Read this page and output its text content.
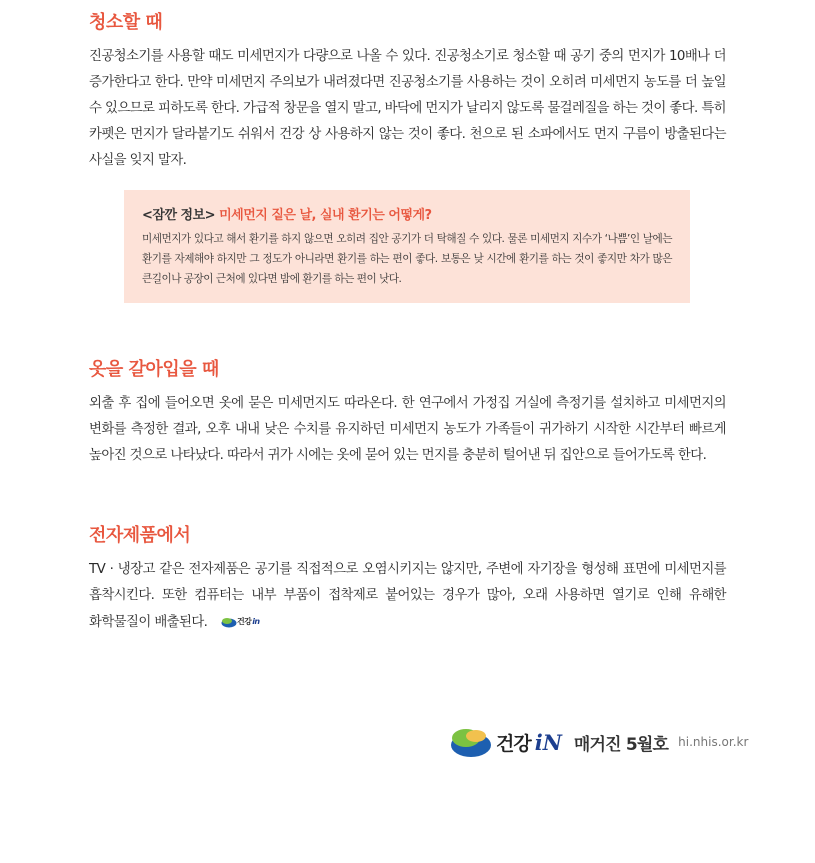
청소할 때

진공청소기를 사용할 때도 미세먼지가 다량으로 나올 수 있다. 진공청소기로 청소할 때 공기 중의 먼지가 10배나 더 증가한다고 한다. 만약 미세먼지 주의보가 내려졌다면 진공청소기를 사용하는 것이 오히려 미세먼지 농도를 더 높일 수 있으므로 피하도록 한다. 가급적 창문을 열지 말고, 바닥에 먼지가 날리지 않도록 물걸레질을 하는 것이 좋다. 특히 카펫은 먼지가 달라붙기도 쉬워서 건강 상 사용하지 않는 것이 좋다. 천으로 된 소파에서도 먼지 구름이 방출된다는 사실을 잊지 말자.

<잠깐 정보> 미세먼지 짙은 날, 실내 환기는 어떻게?

미세먼지가 있다고 해서 환기를 하지 않으면 오히려 집안 공기가 더 탁해질 수 있다. 물론 미세먼지 지수가 ‘나쁨’인 날에는 환기를 자제해야 하지만 그 정도가 아니라면 환기를 하는 편이 좋다. 보통은 낮 시간에 환기를 하는 것이 좋지만 차가 많은 큰길이나 공장이 근처에 있다면 밤에 환기를 하는 편이 낫다.

옷을 갈아입을 때

외출 후 집에 들어오면 옷에 묻은 미세먼지도 따라온다. 한 연구에서 가정집 거실에 측정기를 설치하고 미세먼지의 변화를 측정한 결과, 오후 내내 낮은 수치를 유지하던 미세먼지 농도가 가족들이 귀가하기 시작한 시간부터 빠르게 높아진 것으로 나타났다. 따라서 귀가 시에는 옷에 묻어 있는 먼지를 충분히 털어낸 뒤 집안으로 들어가도록 한다.

전자제품에서

TV · 냉장고 같은 전자제품은 공기를 직접적으로 오염시키지는 않지만, 주변에 자기장을 형성해 표면에 미세먼지를 흡착시킨다. 또한 컴퓨터는 내부 부품이 접착제로 붙어있는 경우가 많아, 오래 사용하면 열기로 인해 유해한 화학물질이 배출된다.	건강 in

건강 iN 매거진 5월호 hi.nhis.or.kr
